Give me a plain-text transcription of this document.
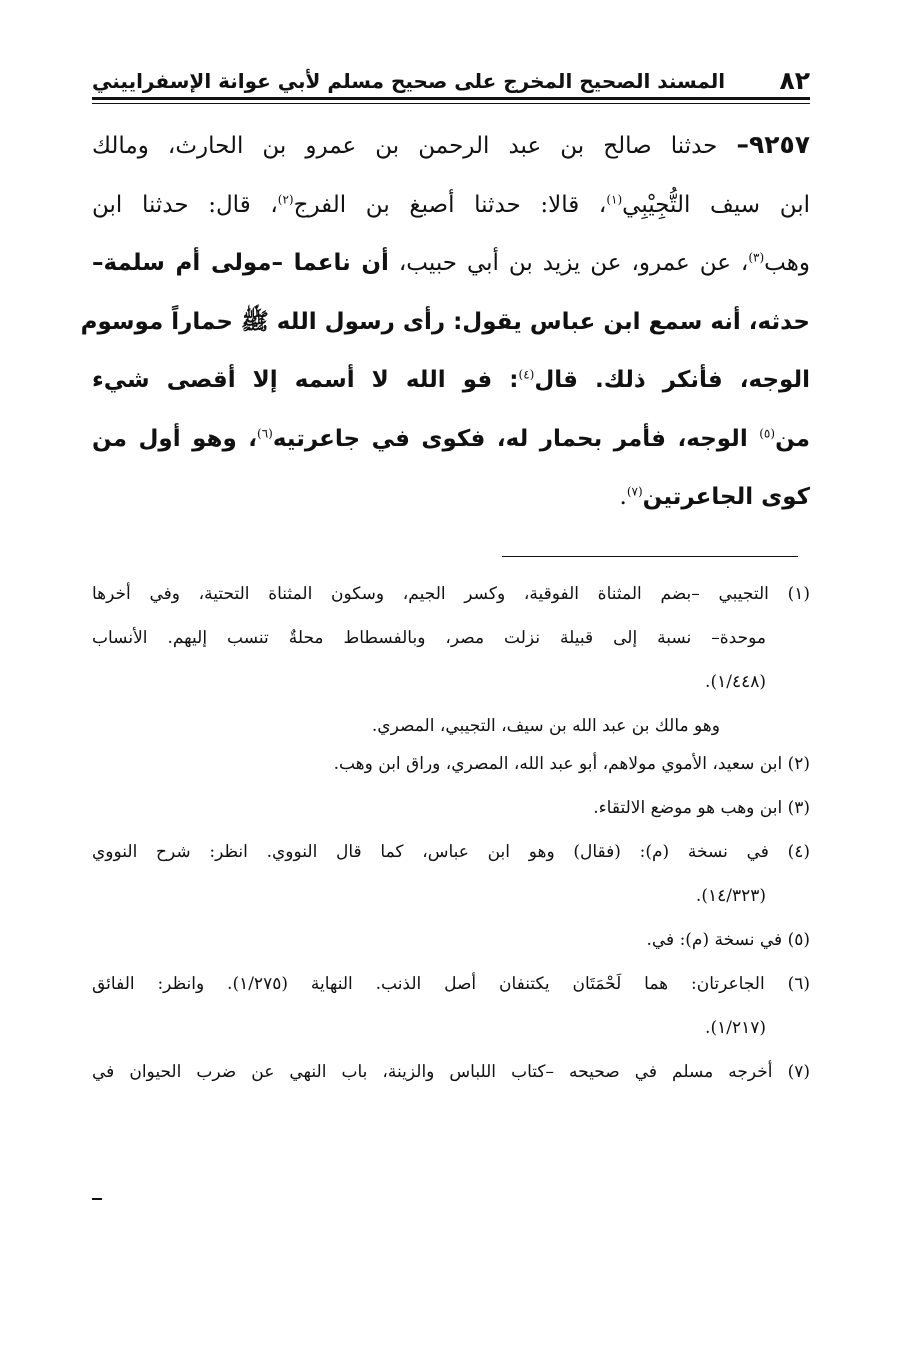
٨٢
المسند الصحيح المخرج على صحيح مسلم لأبي عوانة الإسفراييني
٩٢٥٧– حدثنا صالح بن عبد الرحمن بن عمرو بن الحارث، ومالك
ابن سيف التُّجِيْبِي$^{(١)}$، قالا: حدثنا أصبغ بن الفرج$^{(٢)}$، قال: حدثنا ابن
وهب$^{(٣)}$، عن عمرو، عن يزيد بن أبي حبيب، أن ناعما –مولى أم سلمة–
حدثه، أنه سمع ابن عباس يقول: رأى رسول الله ﷺ حماراً موسوم
الوجه، فأنكر ذلك. قال$^{(٤)}$: فو الله لا أسمه إلا أقصى شيء
من$^{(٥)}$ الوجه، فأمر بحمار له، فكوى في جاعرتيه$^{(٦)}$، وهو أول من
كوى الجاعرتين$^{(٧)}$.
(١) التجيبي –بضم المثناة الفوقية، وكسر الجيم، وسكون المثناة التحتية، وفي أخرها
موحدة– نسبة إلى قبيلة نزلت مصر، وبالفسطاط محلةٌ تنسب إليهم. الأنساب
(١/٤٤٨).
وهو مالك بن عبد الله بن سيف، التجيبي، المصري.
(٢) ابن سعيد، الأموي مولاهم، أبو عبد الله، المصري، وراق ابن وهب.
(٣) ابن وهب هو موضع الالتقاء.
(٤) في نسخة (م): (فقال) وهو ابن عباس، كما قال النووي. انظر: شرح النووي
(١٤/٣٢٣).
(٥) في نسخة (م): في.
(٦) الجاعرتان: هما لَحْمَتَان يكتنفان أصل الذنب. النهاية (١/٢٧٥). وانظر: الفائق
(١/٢١٧).
(٧) أخرجه مسلم في صحيحه –كتاب اللباس والزينة، باب النهي عن ضرب الحيوان في
